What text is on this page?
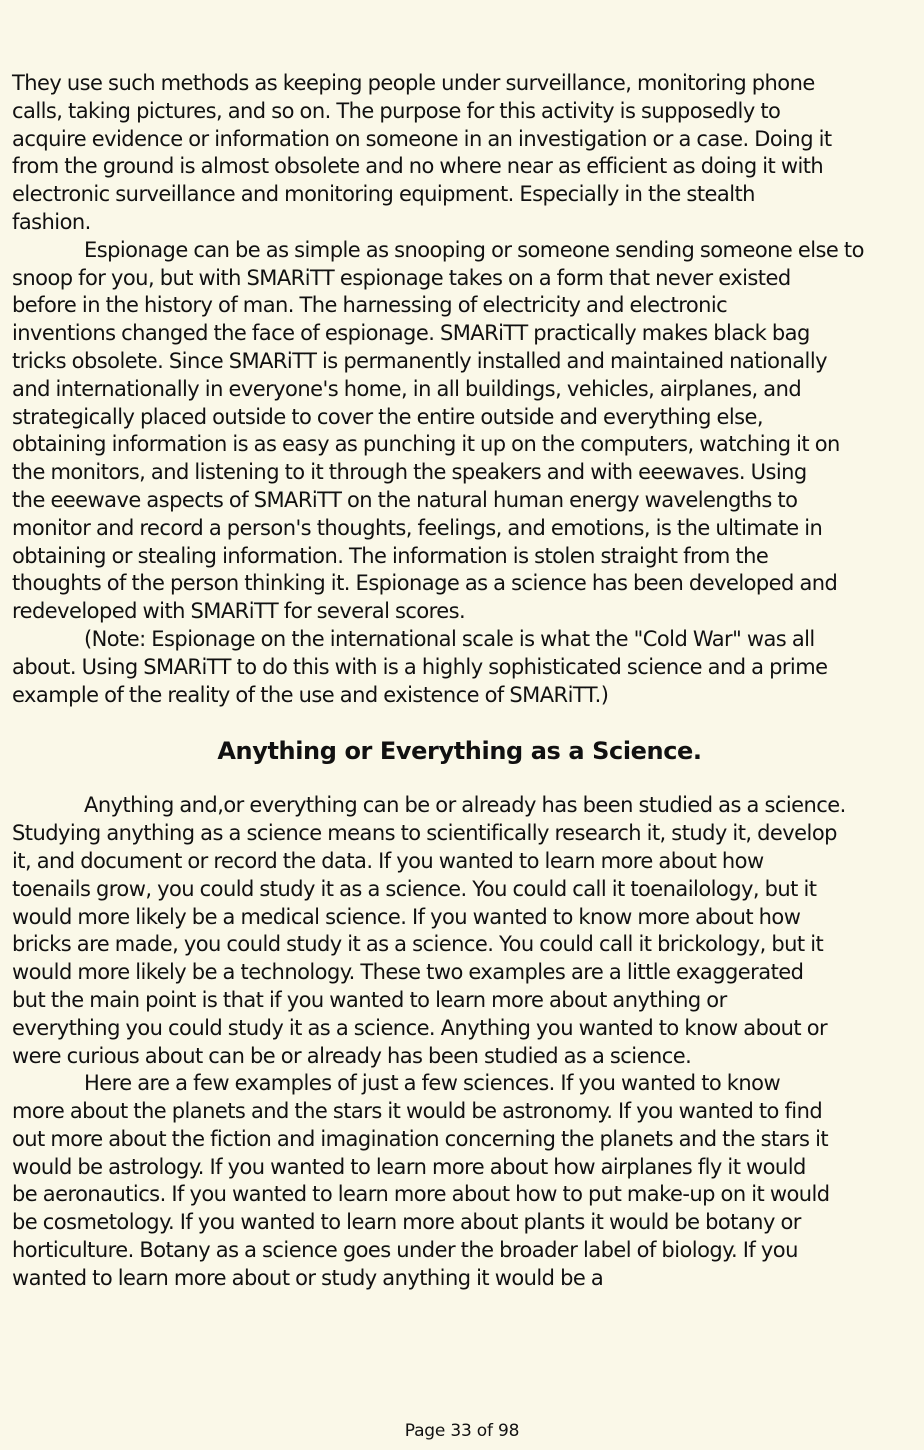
They use such methods as keeping people under surveillance, monitoring phone
calls, taking pictures, and so on. The purpose for this activity is supposedly to
acquire evidence or information on someone in an investigation or a case. Doing it
from the ground is almost obsolete and no where near as efficient as doing it with
electronic surveillance and monitoring equipment. Especially in the stealth
fashion.
Espionage can be as simple as snooping or someone sending someone else to
snoop for you, but with SMARiTT espionage takes on a form that never existed
before in the history of man. The harnessing of electricity and electronic
inventions changed the face of espionage. SMARiTT practically makes black bag
tricks obsolete. Since SMARiTT is permanently installed and maintained nationally
and internationally in everyone's home, in all buildings, vehicles, airplanes, and
strategically placed outside to cover the entire outside and everything else,
obtaining information is as easy as punching it up on the computers, watching it on
the monitors, and listening to it through the speakers and with eeewaves. Using
the eeewave aspects of SMARiTT on the natural human energy wavelengths to
monitor and record a person's thoughts, feelings, and emotions, is the ultimate in
obtaining or stealing information. The information is stolen straight from the
thoughts of the person thinking it. Espionage as a science has been developed and
redeveloped with SMARiTT for several scores.
(Note: Espionage on the international scale is what the "Cold War" was all
about. Using SMARiTT to do this with is a highly sophisticated science and a prime
example of the reality of the use and existence of SMARiTT.)
Anything or Everything as a Science.
Anything and,or everything can be or already has been studied as a science.
Studying anything as a science means to scientifically research it, study it, develop
it, and document or record the data. If you wanted to learn more about how
toenails grow, you could study it as a science. You could call it toenailology, but it
would more likely be a medical science. If you wanted to know more about how
bricks are made, you could study it as a science. You could call it brickology, but it
would more likely be a technology. These two examples are a little exaggerated
but the main point is that if you wanted to learn more about anything or
everything you could study it as a science. Anything you wanted to know about or
were curious about can be or already has been studied as a science.
Here are a few examples of just a few sciences. If you wanted to know
more about the planets and the stars it would be astronomy. If you wanted to find
out more about the fiction and imagination concerning the planets and the stars it
would be astrology. If you wanted to learn more about how airplanes fly it would
be aeronautics. If you wanted to learn more about how to put make-up on it would
be cosmetology. If you wanted to learn more about plants it would be botany or
horticulture. Botany as a science goes under the broader label of biology. If you
wanted to learn more about or study anything it would be a
Page 33 of 98
